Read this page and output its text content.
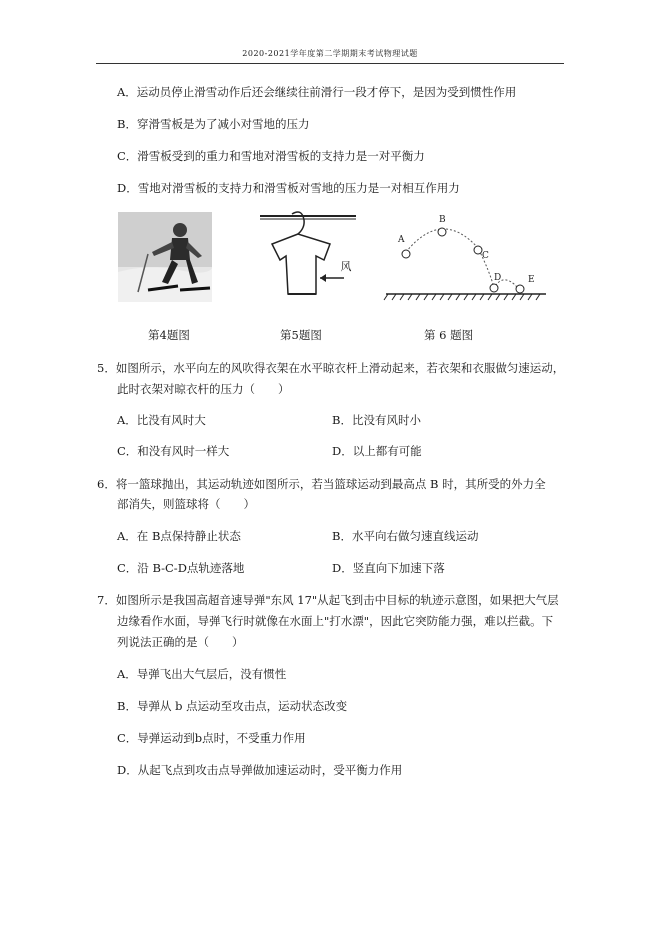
2020-2021学年度第二学期期末考试物理试题
A．运动员停止滑雪动作后还会继续往前滑行一段才停下，是因为受到惯性作用
B．穿滑雪板是为了减小对雪地的压力
C．滑雪板受到的重力和雪地对滑雪板的支持力是一对平衡力
D．雪地对滑雪板的支持力和滑雪板对雪地的压力是一对相互作用力
风
A
B
C
D	E
第4题图	第5题图	第 6 题图
5．如图所示，水平向左的风吹得衣架在水平晾衣杆上滑动起来，若衣架和衣服做匀速运动，
此时衣架对晾衣杆的压力（　　）
A．比没有风时大	B．比没有风时小
C．和没有风时一样大	D．以上都有可能
6．将一篮球抛出，其运动轨迹如图所示，若当篮球运动到最高点 B 时，其所受的外力全
部消失，则篮球将（　　）
A．在 B点保持静止状态	B．水平向右做匀速直线运动
C．沿 B-C-D点轨迹落地	D．竖直向下加速下落
7．如图所示是我国高超音速导弹"东风 17"从起飞到击中目标的轨迹示意图，如果把大气层
边缘看作水面，导弹飞行时就像在水面上"打水漂"，因此它突防能力强，难以拦截。下
列说法正确的是（　　）
A．导弹飞出大气层后，没有惯性
B．导弹从 b 点运动至攻击点，运动状态改变
C．导弹运动到b点时，不受重力作用
D．从起飞点到攻击点导弹做加速运动时，受平衡力作用
